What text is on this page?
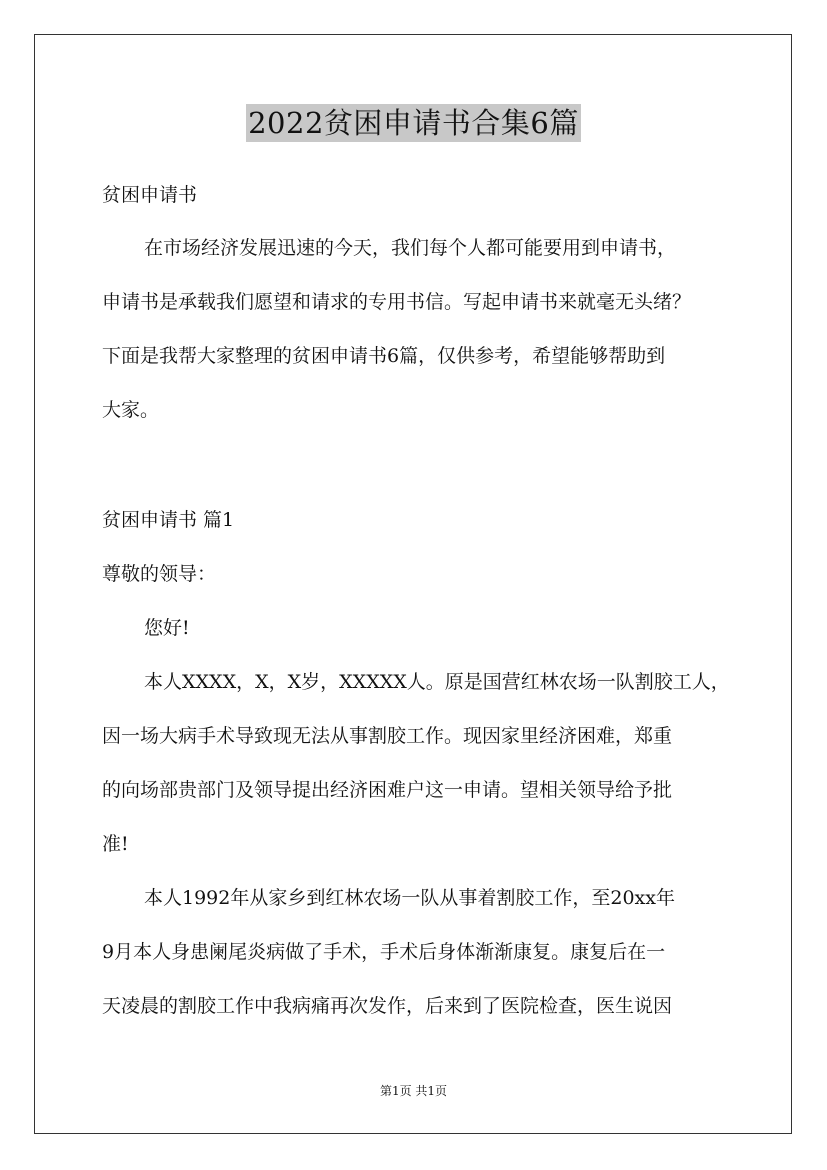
2022贫困申请书合集6篇
贫困申请书
在市场经济发展迅速的今天，我们每个人都可能要用到申请书，
申请书是承载我们愿望和请求的专用书信。写起申请书来就毫无头绪？
下面是我帮大家整理的贫困申请书6篇，仅供参考，希望能够帮助到
大家。
贫困申请书 篇1
尊敬的领导：
您好!
本人XXXX，X，X岁，XXXXX人。原是国营红林农场一队割胶工人，
因一场大病手术导致现无法从事割胶工作。现因家里经济困难，郑重
的向场部贵部门及领导提出经济困难户这一申请。望相关领导给予批
准!
本人1992年从家乡到红林农场一队从事着割胶工作，至20xx年
9月本人身患阑尾炎病做了手术，手术后身体渐渐康复。康复后在一
天凌晨的割胶工作中我病痛再次发作，后来到了医院检查，医生说因
第1页 共1页
